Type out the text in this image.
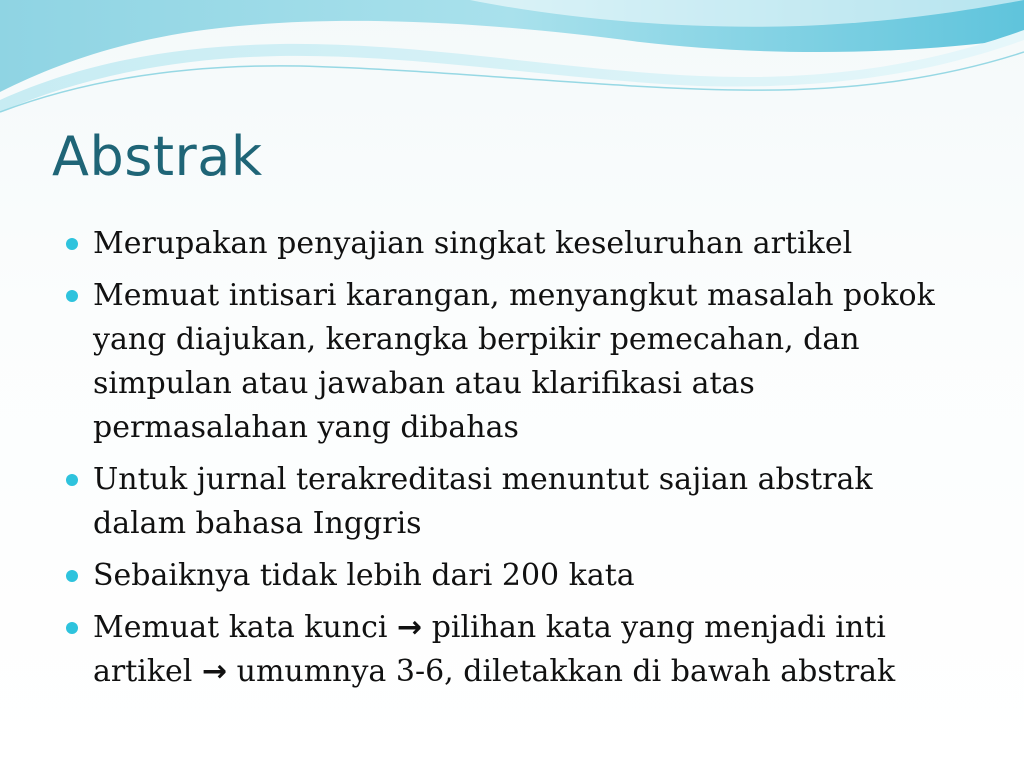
Abstrak
Merupakan penyajian singkat keseluruhan artikel
Memuat intisari karangan, menyangkut masalah pokok yang diajukan, kerangka berpikir pemecahan, dan simpulan atau jawaban atau klarifikasi atas permasalahan yang dibahas
Untuk jurnal terakreditasi menuntut sajian abstrak dalam bahasa Inggris
Sebaiknya tidak lebih dari 200 kata
Memuat kata kunci → pilihan kata yang menjadi inti artikel → umumnya 3-6, diletakkan di bawah abstrak
